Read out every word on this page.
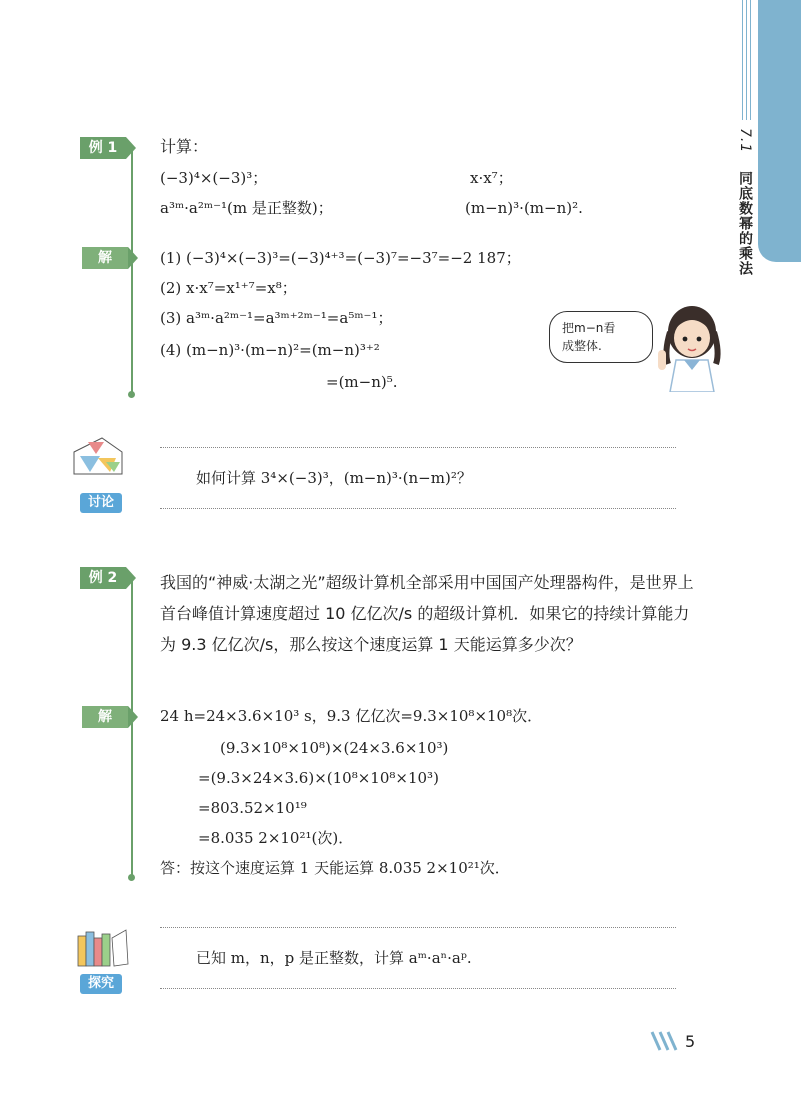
7.1 同底数幂的乘法
例 1	计算：
(−3)⁴×(−3)³；	x·x⁷；
a³ᵐ·a²ᵐ⁻¹(m 是正整数)；	(m−n)³·(m−n)².
解	(1) (−3)⁴×(−3)³=(−3)⁴⁺³=(−3)⁷=−3⁷=−2 187；
(2) x·x⁷=x¹⁺⁷=x⁸；
(3) a³ᵐ·a²ᵐ⁻¹=a³ᵐ⁺²ᵐ⁻¹=a⁵ᵐ⁻¹；
(4) (m−n)³·(m−n)²=(m−n)³⁺²
=(m−n)⁵.
把m−n看
成整体.
讨论
如何计算 3⁴×(−3)³，(m−n)³·(n−m)²？
例 2	我国的“神威·太湖之光”超级计算机全部采用中国国产处理器构件，是世界上首台峰值计算速度超过 10 亿亿次/s 的超级计算机．如果它的持续计算能力为 9.3 亿亿次/s，那么按这个速度运算 1 天能运算多少次？
解	24 h=24×3.6×10³ s，9.3 亿亿次=9.3×10⁸×10⁸次．
(9.3×10⁸×10⁸)×(24×3.6×10³)
=(9.3×24×3.6)×(10⁸×10⁸×10³)
=803.52×10¹⁹
=8.035 2×10²¹(次)．
答：按这个速度运算 1 天能运算 8.035 2×10²¹次．
探究
已知 m，n，p 是正整数，计算 aᵐ·aⁿ·aᵖ.
5
